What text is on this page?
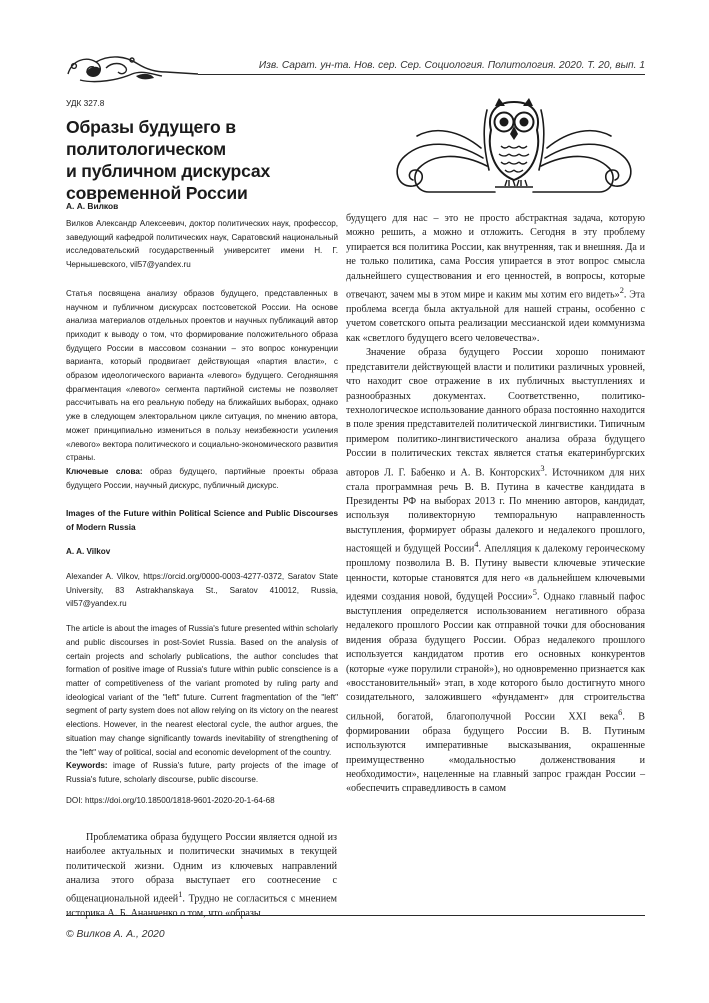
Изв. Сарат. ун-та. Нов. сер. Сер. Социология. Политология. 2020. Т. 20, вып. 1
УДК 327.8
Образы будущего в политологическом
и публичном дискурсах
современной России
А. А. Вилков

Вилков Александр Алексеевич, доктор политических наук, профессор, заведующий кафедрой политических наук, Саратовский национальный исследовательский государственный университет имени Н. Г. Чернышевского, vil57@yandex.ru

Статья посвящена анализу образов будущего, представленных в научном и публичном дискурсах постсоветской России. На основе анализа материалов отдельных проектов и научных публикаций автор приходит к выводу о том, что формирование положительного образа будущего России в массовом сознании – это вопрос конкуренции варианта, который продвигает действующая «партия власти», с образом идеологического варианта «левого» будущего. Сегодняшняя фрагментация «левого» сегмента партийной системы не позволяет рассчитывать на его реальную победу на ближайших выборах, однако уже в следующем электоральном цикле ситуация, по мнению автора, может принципиально измениться в пользу неизбежности усиления «левого» вектора политического и социально-экономического развития страны.

Ключевые слова: образ будущего, партийные проекты образа будущего России, научный дискурс, публичный дискурс.

Images of the Future within Political Science and Public Discourses of Modern Russia

A. A. Vilkov

Alexander A. Vilkov, https://orcid.org/0000-0003-4277-0372, Saratov State University, 83 Astrakhanskaya St., Saratov 410012, Russia, vil57@yandex.ru

The article is about the images of Russia's future presented within scholarly and public discourses in post-Soviet Russia. Based on the analysis of certain projects and scholarly publications, the author concludes that formation of positive image of Russia's future within public conscience is a matter of competitiveness of the variant promoted by ruling party and ideological variant of the "left" future. Current fragmentation of the "left" segment of party system does not allow relying on its victory on the nearest elections. However, in the nearest electoral cycle, the author argues, the situation may change significantly towards inevitability of strengthening of the "left" way of political, social and economic development of the country.

Keywords: image of Russia's future, party projects of the image of Russia's future, scholarly discourse, public discourse.

DOI: https://doi.org/10.18500/1818-9601-2020-20-1-64-68

Проблематика образа будущего России является одной из наиболее актуальных и политически значимых в текущей политической жизни. Одним из ключевых направлений анализа этого образа выступает его соотнесение с общенациональной идеей$^1$. Трудно не согласиться с мнением историка А. Б. Ананченко о том, что «образы

будущего для нас – это не просто абстрактная задача, которую можно решить, а можно и отложить. Сегодня в эту проблему упирается вся политика России, как внутренняя, так и внешняя. Да и не только политика, сама Россия упирается в этот вопрос смысла дальнейшего существования и его ценностей, в вопросы, которые отвечают, зачем мы в этом мире и каким мы хотим его видеть»$^2$. Эта проблема всегда была актуальной для нашей страны, особенно с учетом советского опыта реализации мессианской идеи коммунизма как «светлого будущего всего человечества».

Значение образа будущего России хорошо понимают представители действующей власти и политики различных уровней, что находит свое отражение в их публичных выступлениях и разнообразных документах. Соответственно, политико-технологическое использование данного образа постоянно находится в поле зрения представителей политической лингвистики. Типичным примером политико-лингвистического анализа образа будущего России в политических текстах является статья екатеринбургских авторов Л. Г. Бабенко и А. В. Конторских$^3$. Источником для них стала программная речь В. В. Путина в качестве кандидата в Президенты РФ на выборах 2013 г. По мнению авторов, кандидат, используя поливекторную темпоральную направленность выступления, формирует образы далекого и недалекого прошлого, настоящей и будущей России$^4$. Апелляция к далекому героическому прошлому позволила В. В. Путину вывести ключевые этические ценности, которые становятся для него «в дальнейшем ключевыми идеями создания новой, будущей России»$^5$. Однако главный пафос выступления определяется использованием негативного образа недалекого прошлого России как отправной точки для обоснования видения образа будущего России. Образ недалекого прошлого используется кандидатом против его основных конкурентов (которые «уже порулили страной»), но одновременно признается как «восстановительный» этап, в ходе которого было достигнуто много созидательного, заложившего «фундамент» для строительства сильной, богатой, благополучной России XXI века$^6$. В формировании образа будущего России В. В. Путиным используются императивные высказывания, окрашенные преимущественно «модальностью долженствования и необходимости», нацеленные на главный запрос граждан России – «обеспечить справедливость в самом

© Вилков А. А., 2020
